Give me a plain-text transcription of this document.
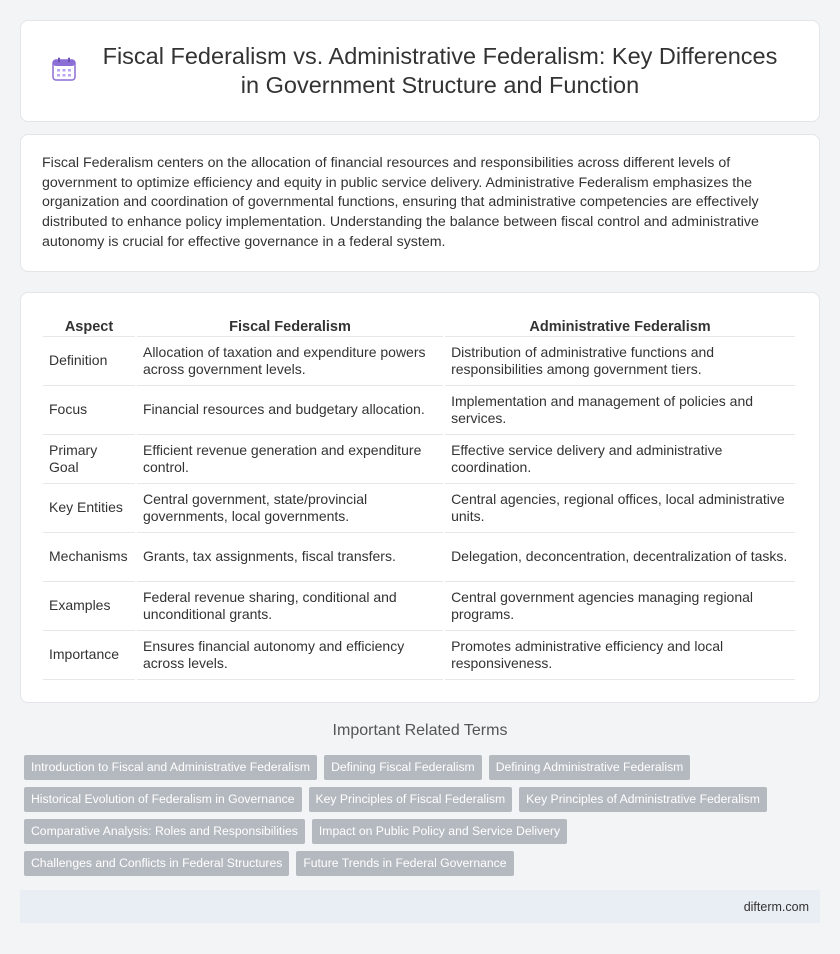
Fiscal Federalism vs. Administrative Federalism: Key Differences in Government Structure and Function

Fiscal Federalism centers on the allocation of financial resources and responsibilities across different levels of government to optimize efficiency and equity in public service delivery. Administrative Federalism emphasizes the organization and coordination of governmental functions, ensuring that administrative competencies are effectively distributed to enhance policy implementation. Understanding the balance between fiscal control and administrative autonomy is crucial for effective governance in a federal system.

Aspect	Fiscal Federalism	Administrative Federalism
Definition	Allocation of taxation and expenditure powers across government levels.	Distribution of administrative functions and responsibilities among government tiers.
Focus	Financial resources and budgetary allocation.	Implementation and management of policies and services.
Primary Goal	Efficient revenue generation and expenditure control.	Effective service delivery and administrative coordination.
Key Entities	Central government, state/provincial governments, local governments.	Central agencies, regional offices, local administrative units.
Mechanisms	Grants, tax assignments, fiscal transfers.	Delegation, deconcentration, decentralization of tasks.
Examples	Federal revenue sharing, conditional and unconditional grants.	Central government agencies managing regional programs.
Importance	Ensures financial autonomy and efficiency across levels.	Promotes administrative efficiency and local responsiveness.
Important Related Terms
Introduction to Fiscal and Administrative Federalism	Defining Fiscal Federalism	Defining Administrative Federalism
Historical Evolution of Federalism in Governance	Key Principles of Fiscal Federalism	Key Principles of Administrative Federalism
Comparative Analysis: Roles and Responsibilities	Impact on Public Policy and Service Delivery
Challenges and Conflicts in Federal Structures	Future Trends in Federal Governance
difterm.com
